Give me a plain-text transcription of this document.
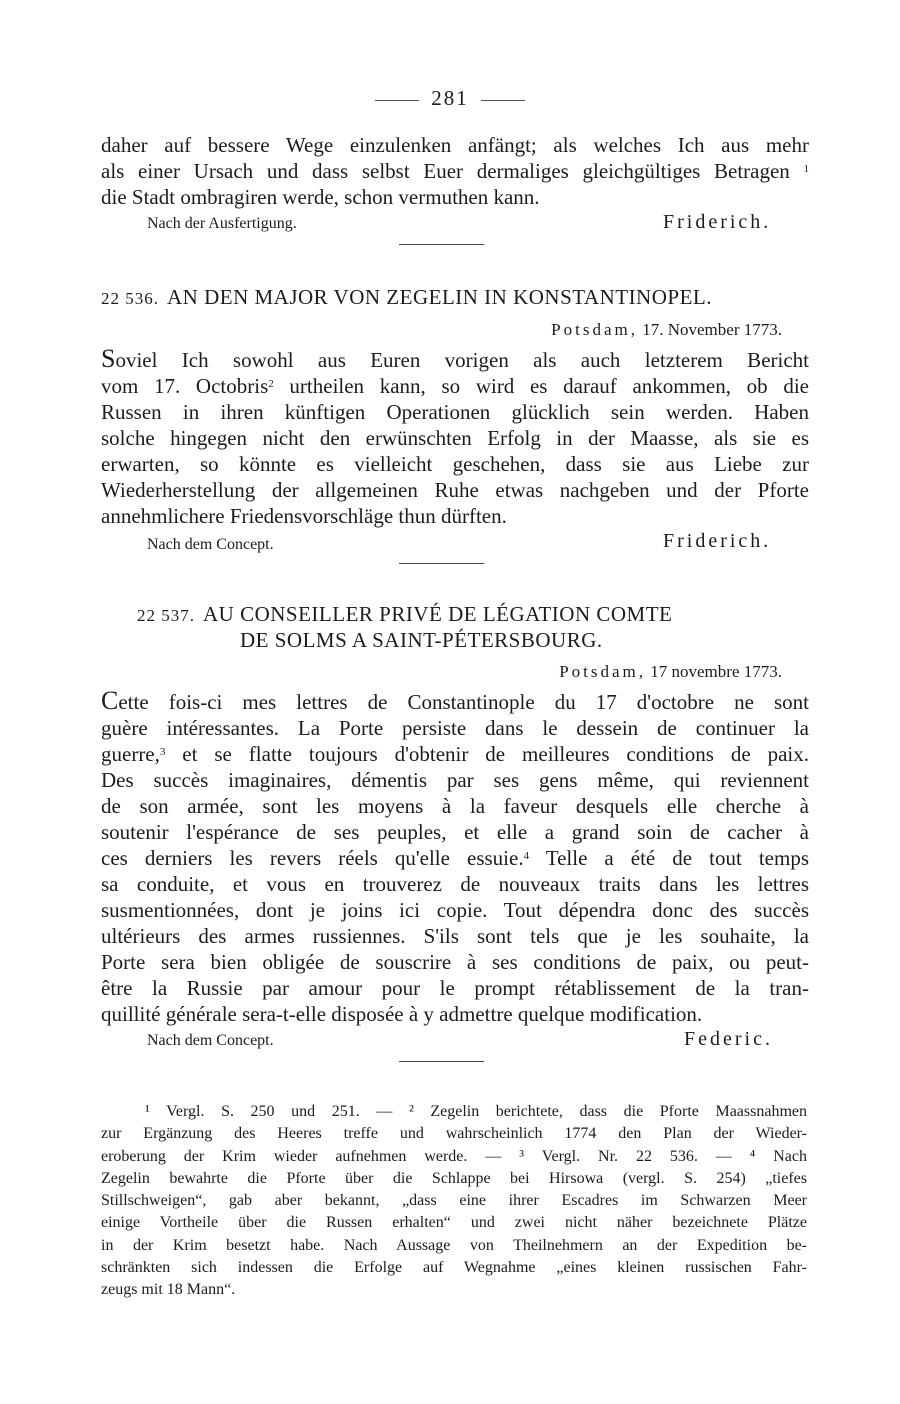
281
daher auf bessere Wege einzulenken anfängt; als welches Ich aus mehr
als einer Ursach und dass selbst Euer dermaliges gleichgültiges Betragen $^1$
die Stadt ombragiren werde, schon vermuthen kann.
Nach der Ausfertigung.	Friderich.
22 536. AN DEN MAJOR VON ZEGELIN IN KONSTANTINOPEL.
Potsdam, 17. November 1773.
Soviel Ich sowohl aus Euren vorigen als auch letzterem Bericht
vom 17. Octobris$^2$ urtheilen kann, so wird es darauf ankommen, ob die
Russen in ihren künftigen Operationen glücklich sein werden. Haben
solche hingegen nicht den erwünschten Erfolg in der Maasse, als sie es
erwarten, so könnte es vielleicht geschehen, dass sie aus Liebe zur
Wiederherstellung der allgemeinen Ruhe etwas nachgeben und der Pforte
annehmlichere Friedensvorschläge thun dürften.
Nach dem Concept.	Friderich.
22 537. AU CONSEILLER PRIVÉ DE LÉGATION COMTE
DE SOLMS A SAINT-PÉTERSBOURG.
Potsdam, 17 novembre 1773.
Cette fois-ci mes lettres de Constantinople du 17 d'octobre ne sont
guère intéressantes. La Porte persiste dans le dessein de continuer la
guerre,$^3$ et se flatte toujours d'obtenir de meilleures conditions de paix.
Des succès imaginaires, démentis par ses gens même, qui reviennent
de son armée, sont les moyens à la faveur desquels elle cherche à
soutenir l'espérance de ses peuples, et elle a grand soin de cacher à
ces derniers les revers réels qu'elle essuie.$^4$ Telle a été de tout temps
sa conduite, et vous en trouverez de nouveaux traits dans les lettres
susmentionnées, dont je joins ici copie. Tout dépendra donc des succès
ultérieurs des armes russiennes. S'ils sont tels que je les souhaite, la
Porte sera bien obligée de souscrire à ses conditions de paix, ou peut-
être la Russie par amour pour le prompt rétablissement de la tran-
quillité générale sera-t-elle disposée à y admettre quelque modification.
Nach dem Concept.	Federic.
¹ Vergl. S. 250 und 251. — ² Zegelin berichtete, dass die Pforte Maassnahmen
zur Ergänzung des Heeres treffe und wahrscheinlich 1774 den Plan der Wieder-
eroberung der Krim wieder aufnehmen werde. — ³ Vergl. Nr. 22 536. — ⁴ Nach
Zegelin bewahrte die Pforte über die Schlappe bei Hirsowa (vergl. S. 254) „tiefes
Stillschweigen“, gab aber bekannt, „dass eine ihrer Escadres im Schwarzen Meer
einige Vortheile über die Russen erhalten“ und zwei nicht näher bezeichnete Plätze
in der Krim besetzt habe. Nach Aussage von Theilnehmern an der Expedition be-
schränkten sich indessen die Erfolge auf Wegnahme „eines kleinen russischen Fahr-
zeugs mit 18 Mann“.
